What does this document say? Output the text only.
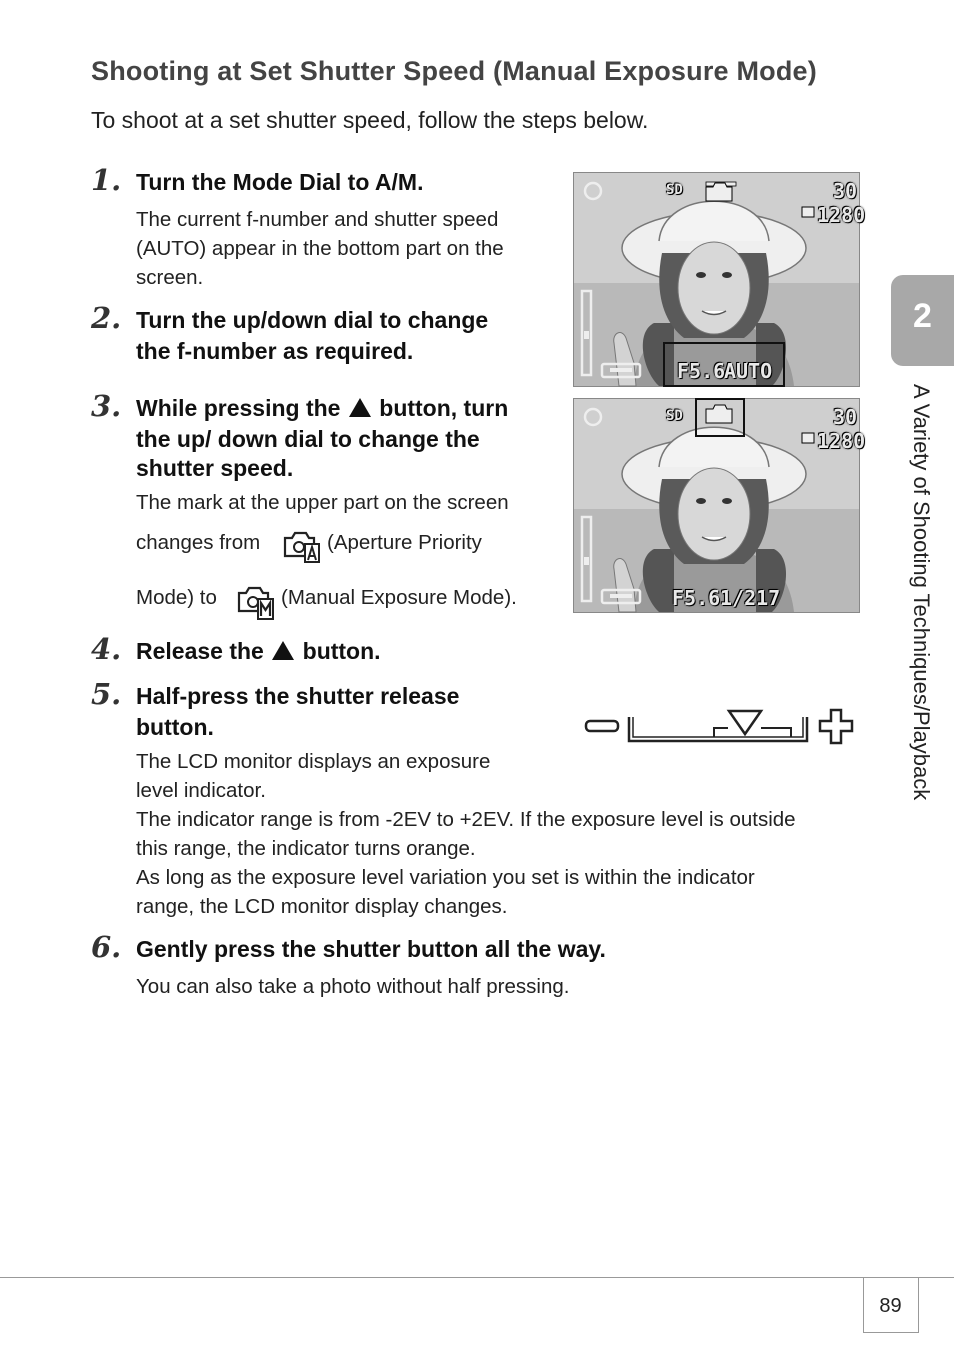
Shooting at Set Shutter Speed (Manual Exposure Mode)
To shoot at a set shutter speed, follow the steps below.
1. Turn the Mode Dial to A/M.
The current f-number and shutter speed
(AUTO) appear in the bottom part on the
screen.
2. Turn the up/down dial to change
the f-number as required.
3. While pressing the button, turn
the up/ down dial to change the
shutter speed.
The mark at the upper part on the screen
changes from	(Aperture Priority
Mode) to	(Manual Exposure Mode).
4. Release the button.
5. Half-press the shutter release
button.
The LCD monitor displays an exposure
level indicator.
The indicator range is from -2EV to +2EV. If the exposure level is outside
this range, the indicator turns orange.
As long as the exposure level variation you set is within the indicator
range, the LCD monitor display changes.
6. Gently press the shutter button all the way.
You can also take a photo without half pressing.
SD	30
1280
F5.6
AUTO
SD	30
1280
F5.6 1/217
2
A Variety of Shooting Techniques/Playback
89
